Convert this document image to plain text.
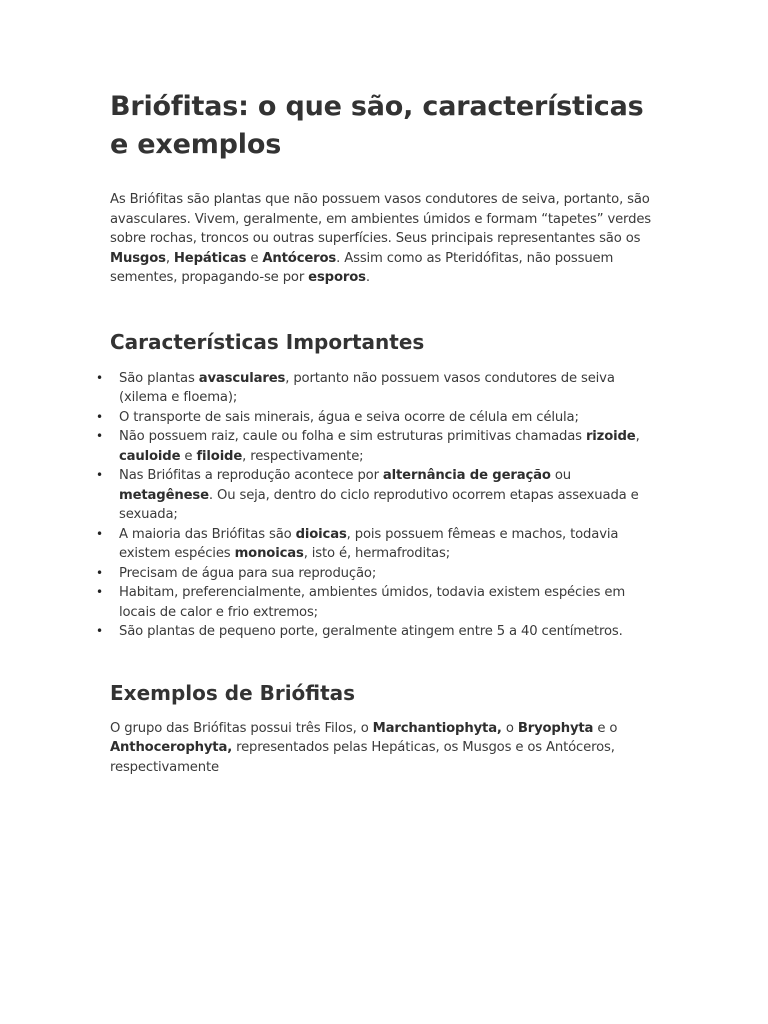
Briófitas: o que são, características e exemplos

As Briófitas são plantas que não possuem vasos condutores de seiva, portanto, são avasculares. Vivem, geralmente, em ambientes úmidos e formam “tapetes” verdes sobre rochas, troncos ou outras superfícies. Seus principais representantes são os Musgos, Hepáticas e Antóceros. Assim como as Pteridófitas, não possuem sementes, propagando-se por esporos.

Características Importantes
• São plantas avasculares, portanto não possuem vasos condutores de seiva (xilema e floema);
• O transporte de sais minerais, água e seiva ocorre de célula em célula;
• Não possuem raiz, caule ou folha e sim estruturas primitivas chamadas rizoide, cauloide e filoide, respectivamente;
• Nas Briófitas a reprodução acontece por alternância de geração ou metagênese. Ou seja, dentro do ciclo reprodutivo ocorrem etapas assexuada e sexuada;
• A maioria das Briófitas são dioicas, pois possuem fêmeas e machos, todavia existem espécies monoicas, isto é, hermafroditas;
• Precisam de água para sua reprodução;
• Habitam, preferencialmente, ambientes úmidos, todavia existem espécies em locais de calor e frio extremos;
• São plantas de pequeno porte, geralmente atingem entre 5 a 40 centímetros.
Exemplos de Briófitas

O grupo das Briófitas possui três Filos, o Marchantiophyta, o Bryophyta e o Anthocerophyta, representados pelas Hepáticas, os Musgos e os Antóceros, respectivamente
